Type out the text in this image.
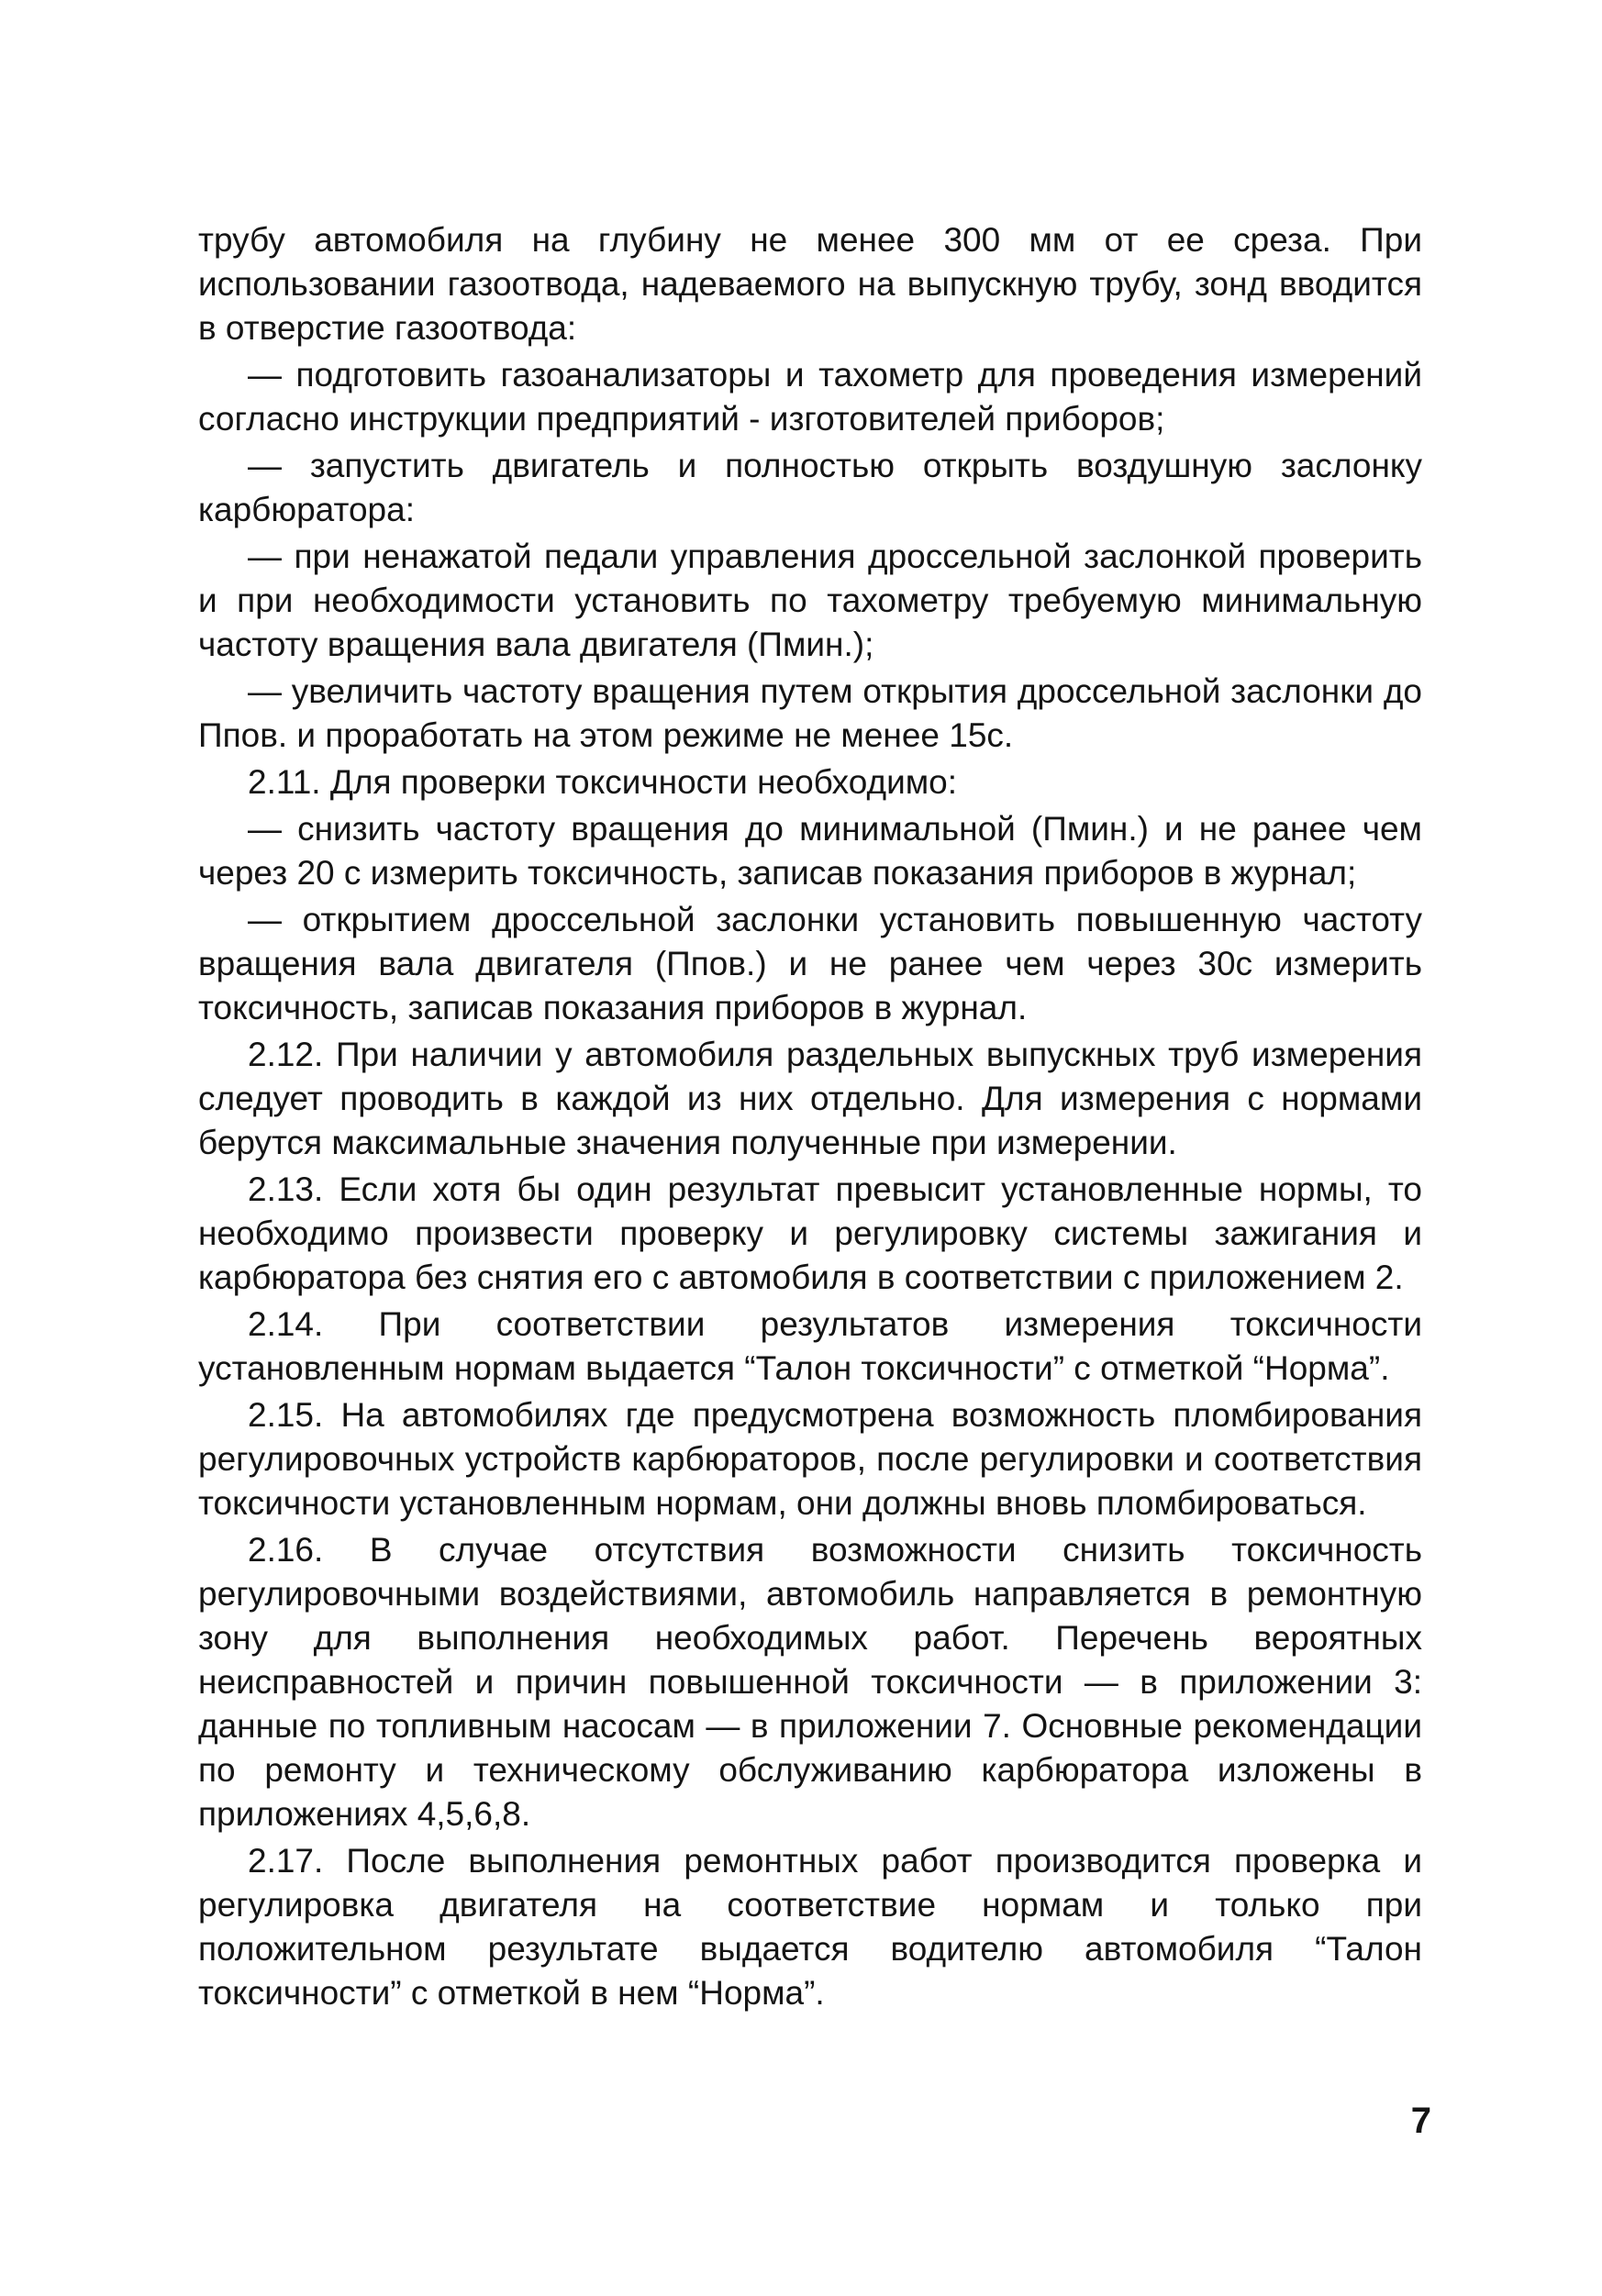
трубу автомобиля на глубину не менее 300 мм от ее среза. При использовании газоотвода, надеваемого на выпускную трубу, зонд вводится в отверстие газоотвода:

— подготовить газоанализаторы и тахометр для проведения измерений согласно инструкции предприятий - изготовителей приборов;

— запустить двигатель и полностью открыть воздушную заслонку карбюратора:

— при ненажатой педали управления дроссельной заслонкой проверить и при необходимости установить по тахометру требуемую минимальную частоту вращения вала двигателя (Пмин.);

— увеличить частоту вращения путем открытия дроссельной заслонки до Ппов. и проработать на этом режиме не менее 15с.

2.11. Для проверки токсичности необходимо:

— снизить частоту вращения до минимальной (Пмин.) и не ранее чем через 20 с измерить токсичность, записав показания приборов в журнал;

— открытием дроссельной заслонки установить повышенную частоту вращения вала двигателя (Ппов.) и не ранее чем через 30с измерить токсичность, записав показания приборов в журнал.

2.12. При наличии у автомобиля раздельных выпускных труб измерения следует проводить в каждой из них отдельно. Для измерения с нормами берутся максимальные значения полученные при измерении.

2.13. Если хотя бы один результат превысит установленные нормы, то необходимо произвести проверку и регулировку системы зажигания и карбюратора без снятия его с автомобиля в соответствии с приложением 2.

2.14. При соответствии результатов измерения токсичности установленным нормам выдается “Талон токсичности” с отметкой “Норма”.

2.15. На автомобилях где предусмотрена возможность пломбирования регулировочных устройств карбюраторов, после регулировки и соответствия токсичности установленным нормам, они должны вновь пломбироваться.

2.16. В случае отсутствия возможности снизить токсичность регулировочными воздействиями, автомобиль направляется в ремонтную зону для выполнения необходимых работ. Перечень вероятных неисправностей и причин повышенной токсичности — в приложении 3: данные по топливным насосам — в приложении 7. Основные рекомендации по ремонту и техническому обслуживанию карбюратора изложены в приложениях 4,5,6,8.

2.17. После выполнения ремонтных работ производится проверка и регулировка двигателя на соответствие нормам и только при положительном результате выдается водителю автомобиля “Талон токсичности” с отметкой в нем “Норма”.

7
